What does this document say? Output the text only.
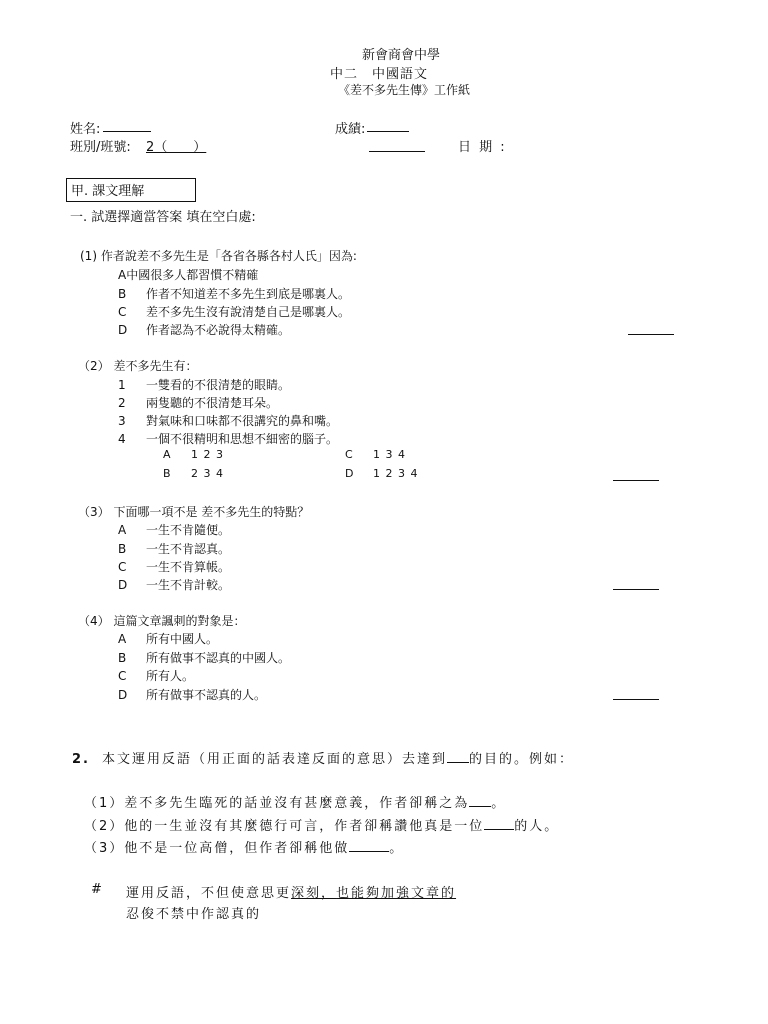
新會商會中學
中二　中國語文
《差不多先生傳》工作紙
姓名:	成績:
班別/班號: 2（　　）	日 期 :
甲. 課文理解
一. 試選擇適當答案 填在空白處:
(1) 作者說差不多先生是「各省各縣各村人氏」因為:
A中國很多人都習慣不精確
B 作者不知道差不多先生到底是哪裏人。
C 差不多先生沒有說清楚自己是哪裏人。
D 作者認為不必說得太精確。
（2） 差不多先生有：
1 一雙看的不很清楚的眼睛。
2 兩隻聽的不很清楚耳朵。
3 對氣味和口味都不很講究的鼻和嘴。
4 一個不很精明和思想不細密的腦子。
A 1 2 3	C 1 3 4
B 2 3 4	D 1 2 3 4
（3） 下面哪一項不是 差不多先生的特點？
A 一生不肯隨便。
B 一生不肯認真。
C 一生不肯算帳。
D 一生不肯計較。
（4） 這篇文章諷刺的對象是：
A 所有中國人。
B 所有做事不認真的中國人。
C 所有人。
D 所有做事不認真的人。
2. 本文運用反語（用正面的話表達反面的意思）去達到 的目的。例如：
（1）差不多先生臨死的話並沒有甚麼意義，作者卻稱之為 。
（2）他的一生並沒有其麼德行可言，作者卻稱讚他真是一位 的人。
（3）他不是一位高僧，但作者卻稱他做	。
# 運用反語，不但使意思更深刻，也能夠加強文章的
忍俊不禁中作認真的
